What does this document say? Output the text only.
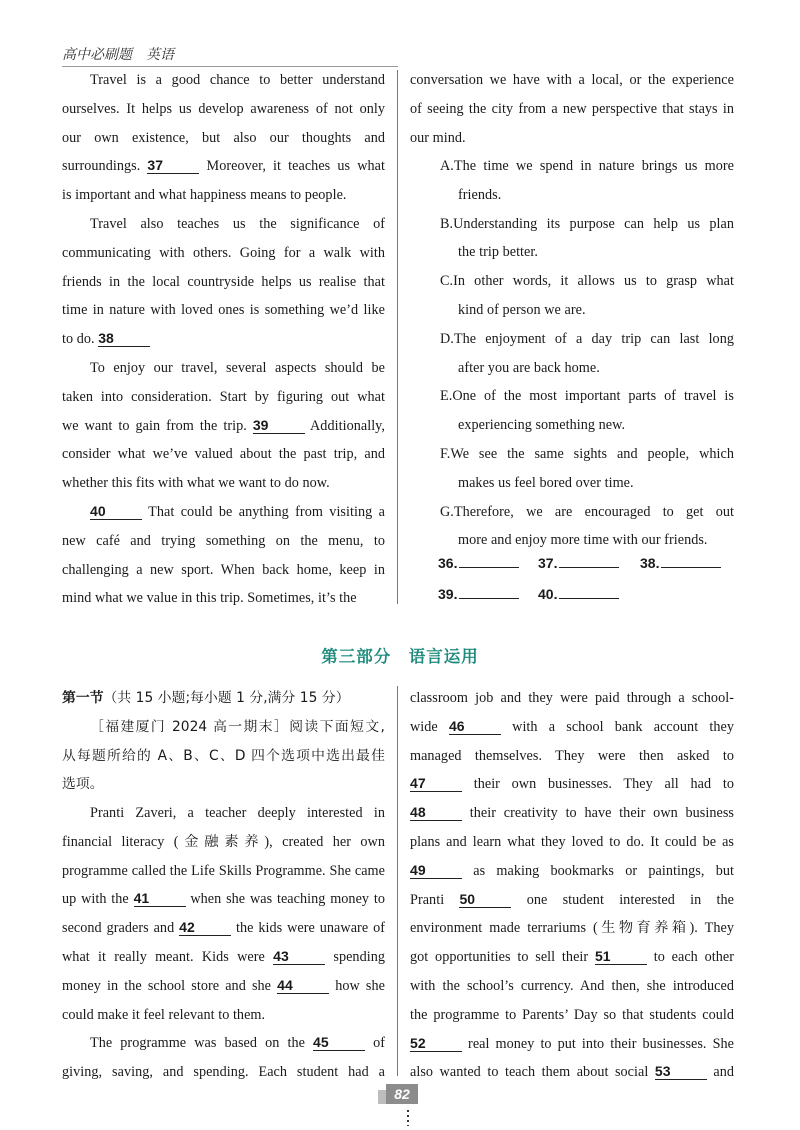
高中必刷题　英语
Travel is a good chance to better understand
ourselves. It helps us develop awareness of not only
our own existence, but also our thoughts and
surroundings. 37	Moreover, it teaches us what
is important and what happiness means to people.
Travel also teaches us the significance of
communicating with others. Going for a walk with
friends in the local countryside helps us realise that
time in nature with loved ones is something we’d like
to do. 38
To enjoy our travel, several aspects should be
taken into consideration. Start by figuring out what
we want to gain from the trip. 39	Additionally,
consider what we’ve valued about the past trip, and
whether this fits with what we want to do now.
40	That could be anything from visiting a
new café and trying something on the menu, to
challenging a new sport. When back home, keep in
mind what we value in this trip. Sometimes, it’s the
conversation we have with a local, or the experience
of seeing the city from a new perspective that stays in
our mind.
A.The time we spend in nature brings us more
friends.
B.Understanding its purpose can help us plan
the trip better.
C.In other words, it allows us to grasp what
kind of person we are.
D.The enjoyment of a day trip can last long
after you are back home.
E.One of the most important parts of travel is
experiencing something new.
F.We see the same sights and people, which
makes us feel bored over time.
G.Therefore, we are encouraged to get out
more and enjoy more time with our friends.
36.	37.	38.
39.	40.
第三部分　语言运用
第一节（共 15 小题;每小题 1 分,满分 15 分）
［福建厦门 2024 高一期末］阅读下面短文,
从每题所给的 A、B、C、D 四个选项中选出最佳
选项。
Pranti Zaveri, a teacher deeply interested in
financial literacy (金融素养), created her own
programme called the Life Skills Programme. She came
up with the 41	when she was teaching money to
second graders and 42	the kids were unaware of
what it really meant. Kids were 43	spending
money in the school store and she 44	how she
could make it feel relevant to them.
The programme was based on the 45	of
giving, saving, and spending. Each student had a
classroom job and they were paid through a school-
wide 46	with a school bank account they
managed themselves. They were then asked to
47	their own businesses. They all had to
48	their creativity to have their own business
plans and learn what they loved to do. It could be as
49	as making bookmarks or paintings, but
Pranti 50	one student interested in the
environment made terrariums (生物育养箱). They
got opportunities to sell their 51	to each other
with the school’s currency. And then, she introduced
the programme to Parents’ Day so that students could
52	real money to put into their businesses. She
also wanted to teach them about social 53	and
82
